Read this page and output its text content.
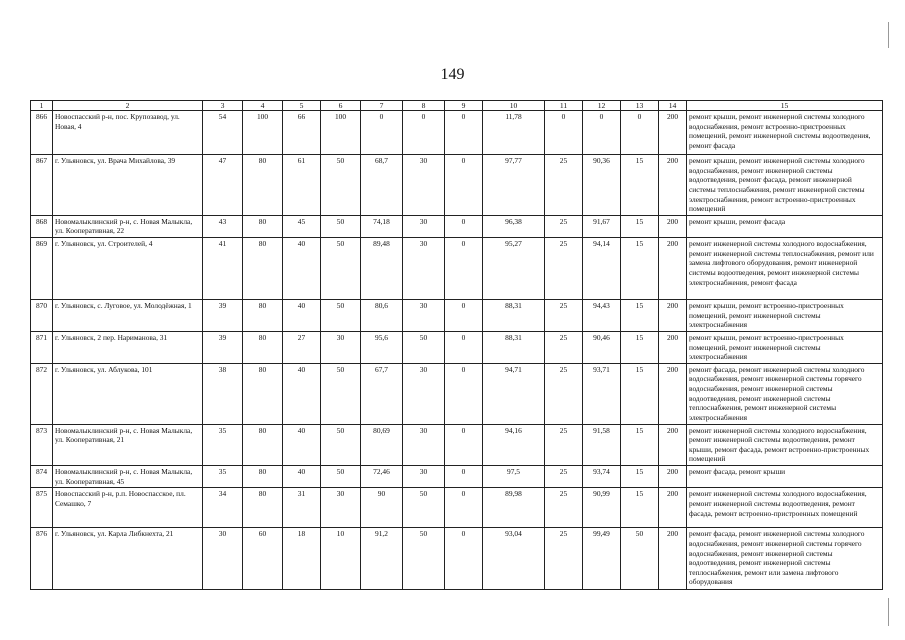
149
1	2	3	4	5	6	7	8	9	10	11	12	13	14	15
866	Новоспасский р-н, пос. Крупозавод, ул. Новая, 4	54	100	66	100	0	0	0	11,78	0	0	0	200	ремонт крыши, ремонт инженерной системы холодного водоснабжения, ремонт встроенно-пристроенных помещений, ремонт инженерной системы водоотведения, ремонт фасада
867	г. Ульяновск, ул. Врача Михайлова, 39	47	80	61	50	68,7	30	0	97,77	25	90,36	15	200	ремонт крыши, ремонт инженерной системы холодного водоснабжения, ремонт инженерной системы водоотведения, ремонт фасада, ремонт инженерной системы теплоснабжения, ремонт инженерной системы электроснабжения, ремонт встроенно-пристроенных помещений
868	Новомалыклинский р-н, с. Новая Малыкла, ул. Кооперативная, 22	43	80	45	50	74,18	30	0	96,38	25	91,67	15	200	ремонт крыши, ремонт фасада
869	г. Ульяновск, ул. Строителей, 4	41	80	40	50	89,48	30	0	95,27	25	94,14	15	200	ремонт инженерной системы холодного водоснабжения, ремонт инженерной системы теплоснабжения, ремонт или замена лифтового оборудования, ремонт инженерной системы водоотведения, ремонт инженерной системы электроснабжения, ремонт фасада
870	г. Ульяновск, с. Луговое, ул. Молодёжная, 1	39	80	40	50	80,6	30	0	88,31	25	94,43	15	200	ремонт крыши, ремонт встроенно-пристроенных помещений, ремонт инженерной системы электроснабжения
871	г. Ульяновск, 2 пер. Нариманова, 31	39	80	27	30	95,6	50	0	88,31	25	90,46	15	200	ремонт крыши, ремонт встроенно-пристроенных помещений, ремонт инженерной системы электроснабжения
872	г. Ульяновск, ул. Аблукова, 101	38	80	40	50	67,7	30	0	94,71	25	93,71	15	200	ремонт фасада, ремонт инженерной системы холодного водоснабжения, ремонт инженерной системы горячего водоснабжения, ремонт инженерной системы водоотведения, ремонт инженерной системы теплоснабжения, ремонт инженерной системы электроснабжения
873	Новомалыклинский р-н, с. Новая Малыкла, ул. Кооперативная, 21	35	80	40	50	80,69	30	0	94,16	25	91,58	15	200	ремонт инженерной системы холодного водоснабжения, ремонт инженерной системы водоотведения, ремонт крыши, ремонт фасада, ремонт встроенно-пристроенных помещений
874	Новомалыклинский р-н, с. Новая Малыкла, ул. Кооперативная, 45	35	80	40	50	72,46	30	0	97,5	25	93,74	15	200	ремонт фасада, ремонт крыши
875	Новоспасский р-н, р.п. Новоспасское, пл. Семашко, 7	34	80	31	30	90	50	0	89,98	25	90,99	15	200	ремонт инженерной системы холодного водоснабжения, ремонт инженерной системы водоотведения, ремонт фасада, ремонт встроенно-пристроенных помещений
876	г. Ульяновск, ул. Карла Либкнехта, 21	30	60	18	10	91,2	50	0	93,04	25	99,49	50	200	ремонт фасада, ремонт инженерной системы холодного водоснабжения, ремонт инженерной системы горячего водоснабжения, ремонт инженерной системы водоотведения, ремонт инженерной системы теплоснабжения, ремонт или замена лифтового оборудования
